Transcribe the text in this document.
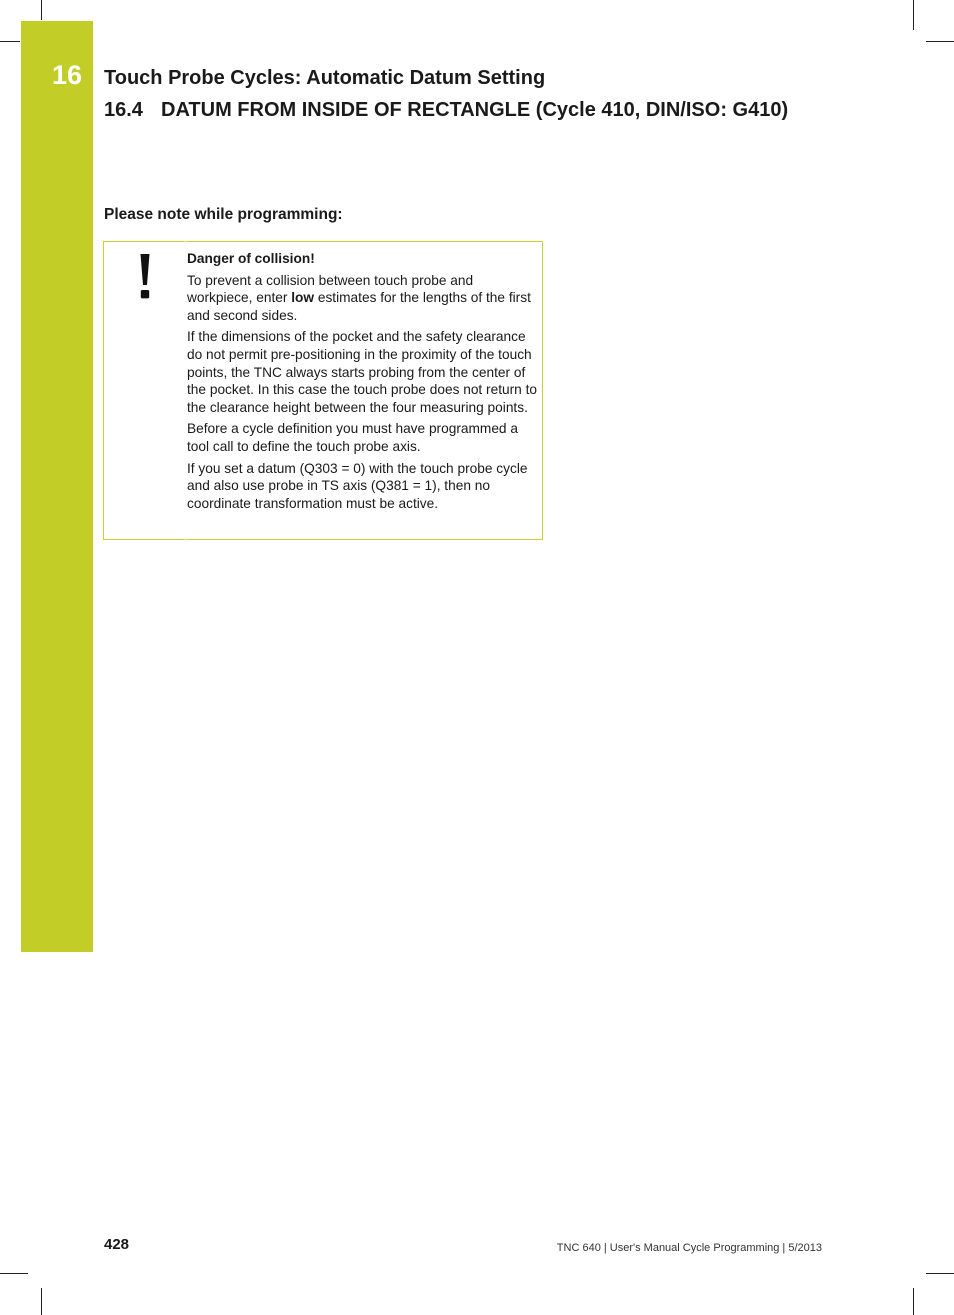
16 Touch Probe Cycles: Automatic Datum Setting
16.4 DATUM FROM INSIDE OF RECTANGLE (Cycle 410, DIN/ISO: G410)
Please note while programming:
Danger of collision!
To prevent a collision between touch probe and workpiece, enter low estimates for the lengths of the first and second sides.
If the dimensions of the pocket and the safety clearance do not permit pre-positioning in the proximity of the touch points, the TNC always starts probing from the center of the pocket. In this case the touch probe does not return to the clearance height between the four measuring points.
Before a cycle definition you must have programmed a tool call to define the touch probe axis.
If you set a datum (Q303 = 0) with the touch probe cycle and also use probe in TS axis (Q381 = 1), then no coordinate transformation must be active.
428	TNC 640 | User's Manual Cycle Programming | 5/2013
